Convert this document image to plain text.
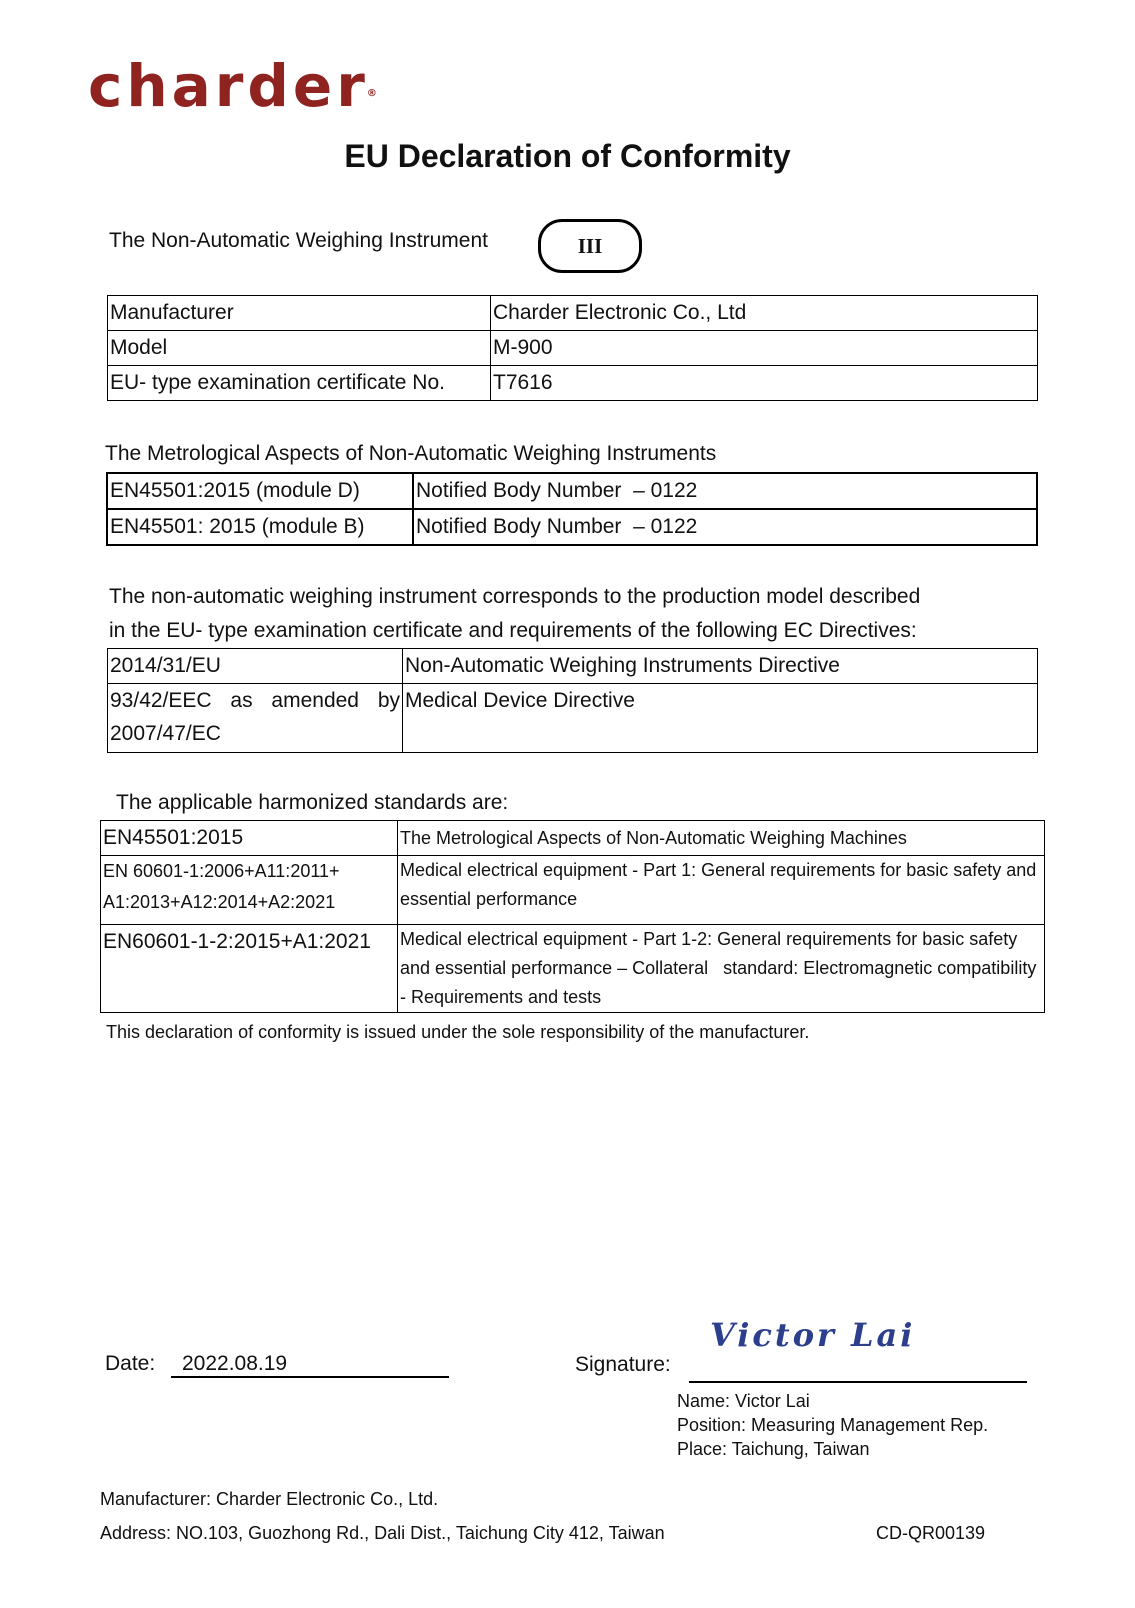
charder®
EU Declaration of Conformity
The Non-Automatic Weighing Instrument	III
Manufacturer	Charder Electronic Co., Ltd
Model	M-900
EU- type examination certificate No.	T7616
The Metrological Aspects of Non-Automatic Weighing Instruments
EN45501:2015 (module D)	Notified Body Number  – 0122
EN45501: 2015 (module B)	Notified Body Number  – 0122
The non-automatic weighing instrument corresponds to the production model described
in the EU- type examination certificate and requirements of the following EC Directives:
2014/31/EU	Non-Automatic Weighing Instruments Directive
93/42/EEC as amended by 2007/47/EC	Medical Device Directive
The applicable harmonized standards are:
EN45501:2015	The Metrological Aspects of Non-Automatic Weighing Machines
EN 60601-1:2006+A11:2011+ A1:2013+A12:2014+A2:2021	Medical electrical equipment - Part 1: General requirements for basic safety and essential performance
EN60601-1-2:2015+A1:2021	Medical electrical equipment - Part 1-2: General requirements for basic safety and essential performance – Collateral   standard: Electromagnetic compatibility - Requirements and tests
This declaration of conformity is issued under the sole responsibility of the manufacturer.
Date:	2022.08.19	Signature:
Victor Lai
Name: Victor Lai
Position: Measuring Management Rep.
Place: Taichung, Taiwan
Manufacturer: Charder Electronic Co., Ltd.
Address: NO.103, Guozhong Rd., Dali Dist., Taichung City 412, Taiwan	CD-QR00139
